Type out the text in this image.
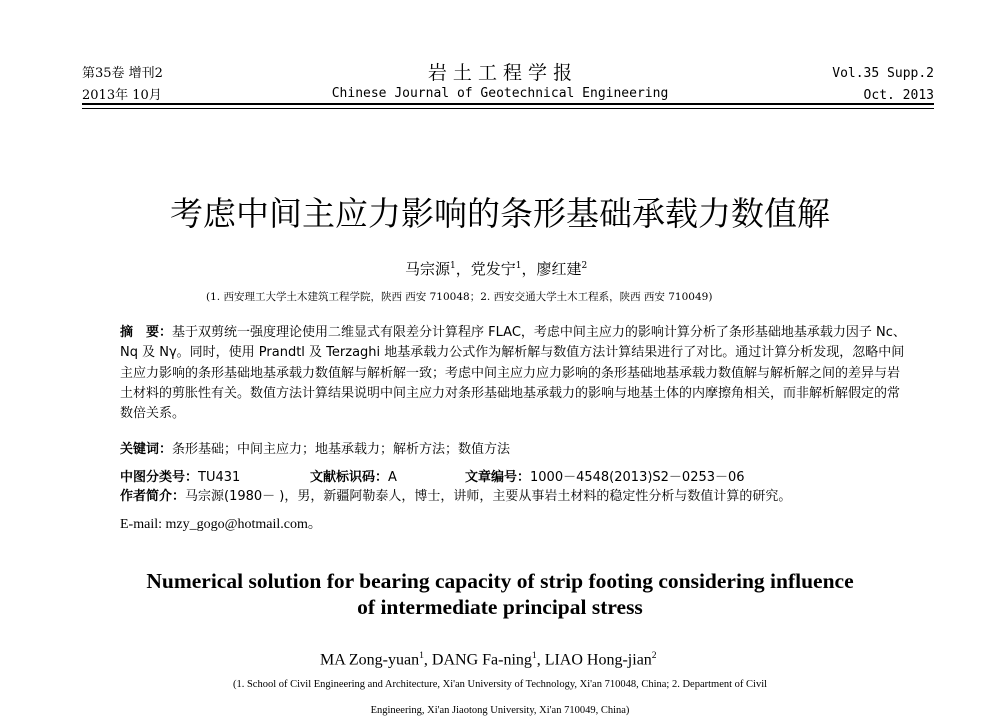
第35卷 增刊2
2013年 10月
岩 土 工 程 学 报
Chinese Journal of Geotechnical Engineering
Vol.35 Supp.2
Oct. 2013
考虑中间主应力影响的条形基础承载力数值解
马宗源$^1$，党发宁$^1$，廖红建$^2$
(1. 西安理工大学土木建筑工程学院，陕西 西安 710048；2. 西安交通大学土木工程系，陕西 西安 710049)
摘　要：基于双剪统一强度理论使用二维显式有限差分计算程序 FLAC，考虑中间主应力的影响计算分析了条形基础地基承载力因子 Nc、Nq 及 Nγ。同时，使用 Prandtl 及 Terzaghi 地基承载力公式作为解析解与数值方法计算结果进行了对比。通过计算分析发现，忽略中间主应力影响的条形基础地基承载力数值解与解析解一致；考虑中间主应力应力影响的条形基础地基承载力数值解与解析解之间的差异与岩土材料的剪胀性有关。数值方法计算结果说明中间主应力对条形基础地基承载力的影响与地基土体的内摩擦角相关，而非解析解假定的常数倍关系。
关键词：条形基础；中间主应力；地基承载力；解析方法；数值方法
中图分类号：TU431	文献标识码：A	文章编号：1000－4548(2013)S2－0253－06
作者简介：马宗源(1980－ )，男，新疆阿勒泰人，博士，讲师，主要从事岩土材料的稳定性分析与数值计算的研究。
E-mail: mzy_gogo@hotmail.com。
Numerical solution for bearing capacity of strip footing considering influence
of intermediate principal stress
MA Zong-yuan$^1$, DANG Fa-ning$^1$, LIAO Hong-jian$^2$
(1. School of Civil Engineering and Architecture, Xi'an University of Technology, Xi'an 710048, China; 2. Department of Civil
Engineering, Xi'an Jiaotong University, Xi'an 710049, China)
